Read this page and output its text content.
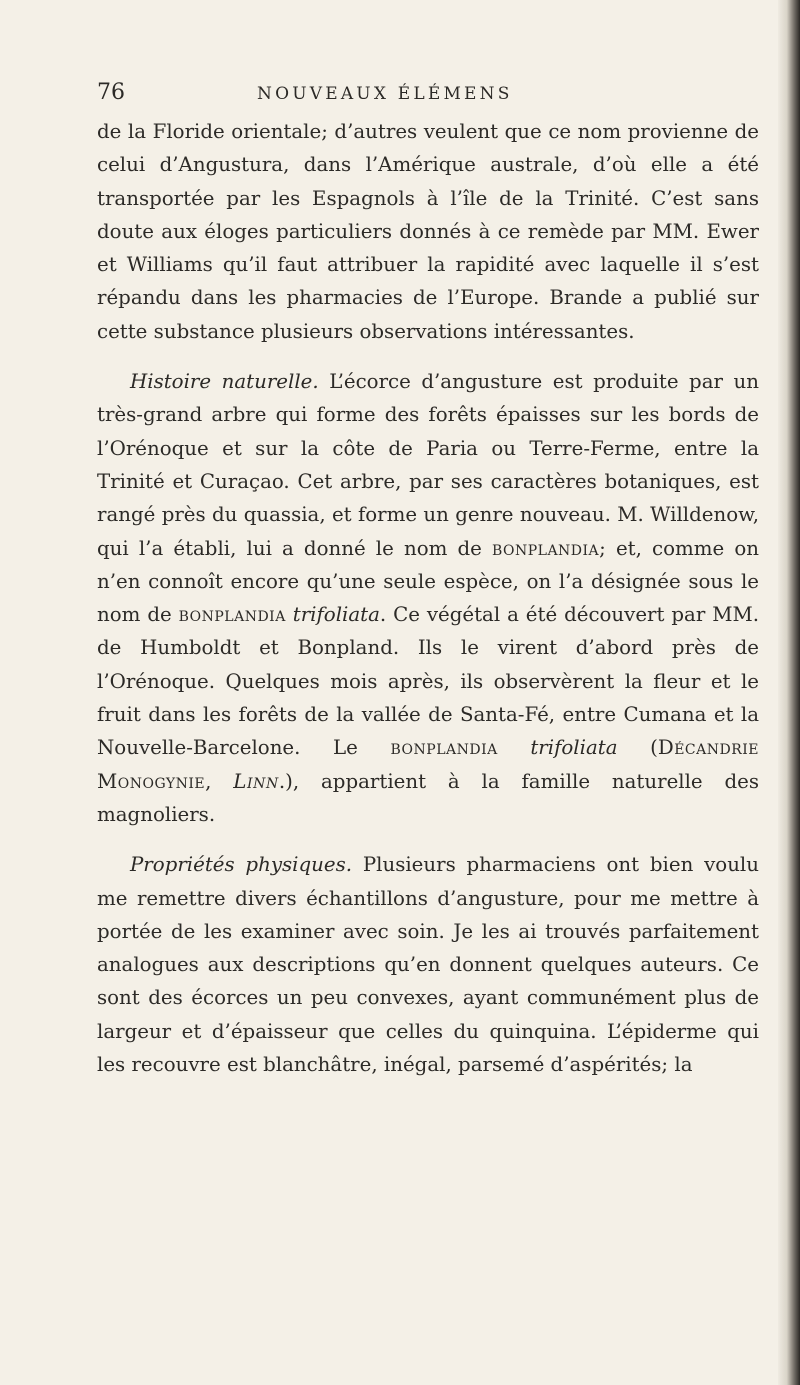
76	NOUVEAUX ÉLÉMENS

de la Floride orientale; d’autres veulent que ce nom provienne de celui d’Angustura, dans l’Amérique australe, d’où elle a été transportée par les Espagnols à l’île de la Trinité. C’est sans doute aux éloges particuliers donnés à ce remède par MM. Ewer et Williams qu’il faut attribuer la rapidité avec laquelle il s’est répandu dans les pharmacies de l’Europe. Brande a publié sur cette substance plusieurs observations intéressantes.

Histoire naturelle. L’écorce d’angusture est produite par un très-grand arbre qui forme des forêts épaisses sur les bords de l’Orénoque et sur la côte de Paria ou Terre-Ferme, entre la Trinité et Curaçao. Cet arbre, par ses caractères botaniques, est rangé près du quassia, et forme un genre nouveau. M. Willdenow, qui l’a établi, lui a donné le nom de bonplandia; et, comme on n’en connoît encore qu’une seule espèce, on l’a désignée sous le nom de bonplandia trifoliata. Ce végétal a été découvert par MM. de Humboldt et Bonpland. Ils le virent d’abord près de l’Orénoque. Quelques mois après, ils observèrent la fleur et le fruit dans les forêts de la vallée de Santa-Fé, entre Cumana et la Nouvelle-Barcelone. Le bonplandia trifoliata (Décandrie Monogynie, Linn.), appartient à la famille naturelle des magnoliers.

Propriétés physiques. Plusieurs pharmaciens ont bien voulu me remettre divers échantillons d’angusture, pour me mettre à portée de les examiner avec soin. Je les ai trouvés parfaitement analogues aux descriptions qu’en donnent quelques auteurs. Ce sont des écorces un peu convexes, ayant communément plus de largeur et d’épaisseur que celles du quinquina. L’épiderme qui les recouvre est blanchâtre, inégal, parsemé d’aspérités; la
